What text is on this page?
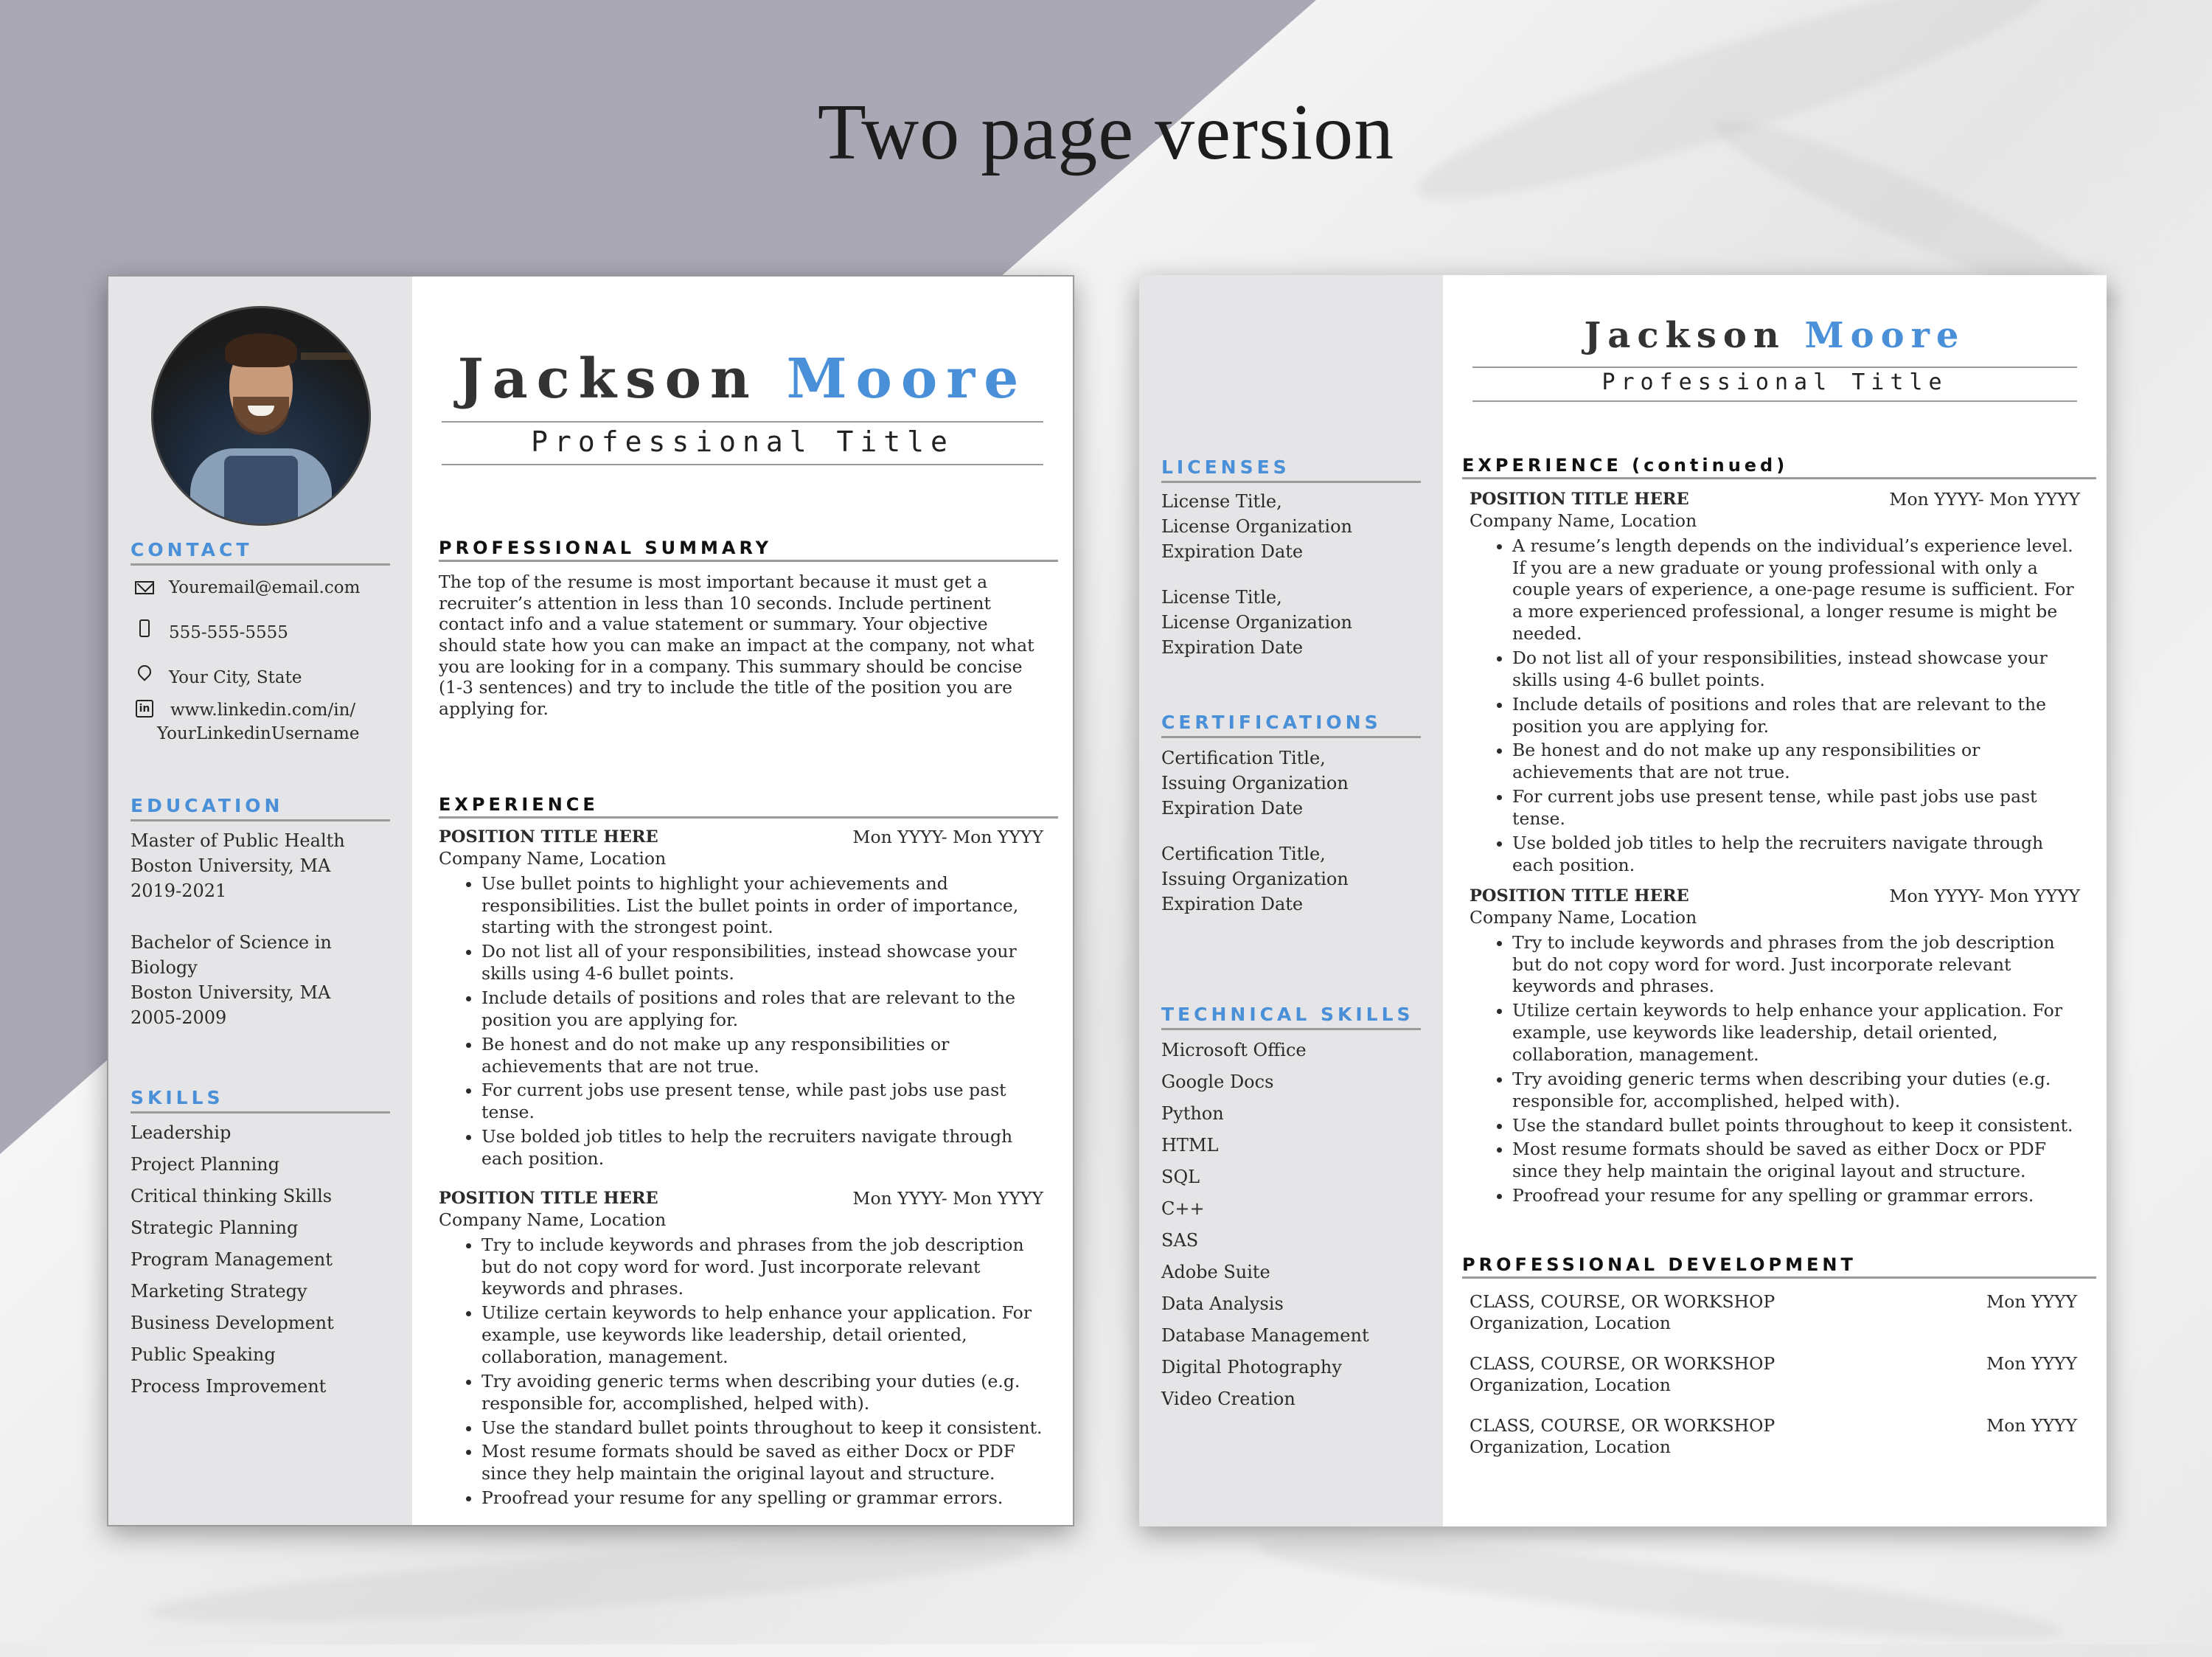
Two page version
CONTACT
Youremail@email.com
555-555-5555
Your City, State
in www.linkedin.com/in/
YourLinkedinUsername
EDUCATION
Master of Public Health
Boston University, MA
2019-2021
Bachelor of Science in
Biology
Boston University, MA
2005-2009
SKILLS
Leadership
Project Planning
Critical thinking Skills
Strategic Planning
Program Management
Marketing Strategy
Business Development
Public Speaking
Process Improvement
Jackson Moore
Professional Title
PROFESSIONAL SUMMARY
The top of the resume is most important because it must get a recruiter’s attention in less than 10 seconds. Include pertinent contact info and a value statement or summary. Your objective should state how you can make an impact at the company, not what you are looking for in a company. This summary should be concise (1-3 sentences) and try to include the title of the position you are applying for.
EXPERIENCE
POSITION TITLE HERE	Mon YYYY- Mon YYYY
Company Name, Location
• Use bullet points to highlight your achievements and responsibilities. List the bullet points in order of importance, starting with the strongest point.
• Do not list all of your responsibilities, instead showcase your skills using 4-6 bullet points.
• Include details of positions and roles that are relevant to the position you are applying for.
• Be honest and do not make up any responsibilities or achievements that are not true.
• For current jobs use present tense, while past jobs use past tense.
• Use bolded job titles to help the recruiters navigate through each position.
POSITION TITLE HERE	Mon YYYY- Mon YYYY
Company Name, Location
• Try to include keywords and phrases from the job description but do not copy word for word. Just incorporate relevant keywords and phrases.
• Utilize certain keywords to help enhance your application. For example, use keywords like leadership, detail oriented, collaboration, management.
• Try avoiding generic terms when describing your duties (e.g. responsible for, accomplished, helped with).
• Use the standard bullet points throughout to keep it consistent.
• Most resume formats should be saved as either Docx or PDF since they help maintain the original layout and structure.
• Proofread your resume for any spelling or grammar errors.
LICENSES
License Title,
License Organization
Expiration Date
License Title,
License Organization
Expiration Date
CERTIFICATIONS
Certification Title,
Issuing Organization
Expiration Date
Certification Title,
Issuing Organization
Expiration Date
TECHNICAL SKILLS
Microsoft Office
Google Docs
Python
HTML
SQL
C++
SAS
Adobe Suite
Data Analysis
Database Management
Digital Photography
Video Creation
Jackson Moore
Professional Title
EXPERIENCE (continued)
POSITION TITLE HERE	Mon YYYY- Mon YYYY
Company Name, Location
• A resume’s length depends on the individual’s experience level. If you are a new graduate or young professional with only a couple years of experience, a one-page resume is sufficient. For a more experienced professional, a longer resume is might be needed.
• Do not list all of your responsibilities, instead showcase your skills using 4-6 bullet points.
• Include details of positions and roles that are relevant to the position you are applying for.
• Be honest and do not make up any responsibilities or achievements that are not true.
• For current jobs use present tense, while past jobs use past tense.
• Use bolded job titles to help the recruiters navigate through each position.
POSITION TITLE HERE	Mon YYYY- Mon YYYY
Company Name, Location
• Try to include keywords and phrases from the job description but do not copy word for word. Just incorporate relevant keywords and phrases.
• Utilize certain keywords to help enhance your application. For example, use keywords like leadership, detail oriented, collaboration, management.
• Try avoiding generic terms when describing your duties (e.g. responsible for, accomplished, helped with).
• Use the standard bullet points throughout to keep it consistent.
• Most resume formats should be saved as either Docx or PDF since they help maintain the original layout and structure.
• Proofread your resume for any spelling or grammar errors.
PROFESSIONAL DEVELOPMENT
CLASS, COURSE, OR WORKSHOP	Mon YYYY
Organization, Location
CLASS, COURSE, OR WORKSHOP	Mon YYYY
Organization, Location
CLASS, COURSE, OR WORKSHOP	Mon YYYY
Organization, Location
